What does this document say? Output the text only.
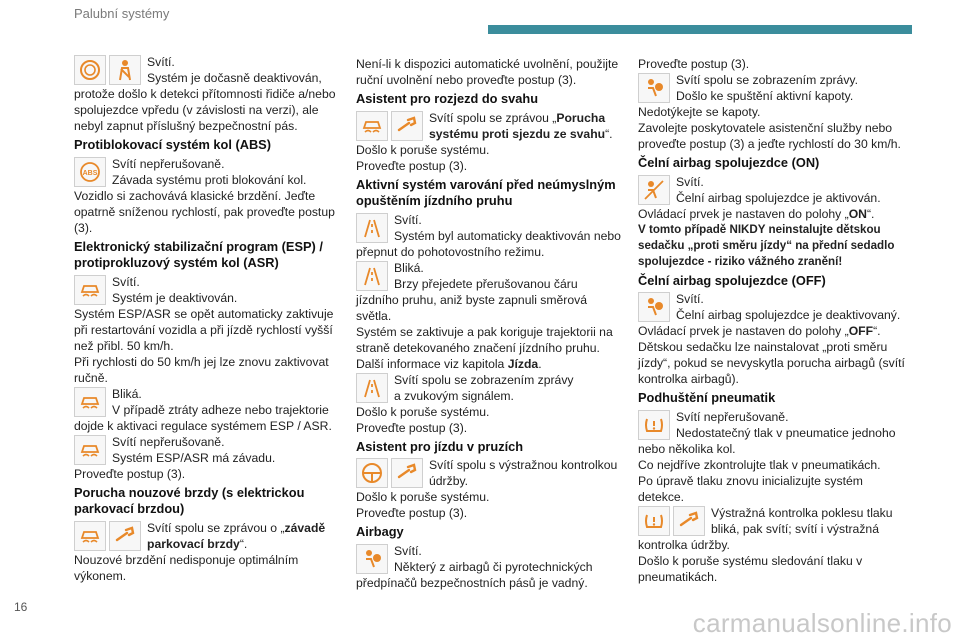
Palubní systémy

Svítí.

Systém je dočasně deaktivován,

protože došlo k detekci přítomnosti řidiče a/nebo spolujezdce vpředu (v závislosti na verzi), ale nebyl zapnut příslušný bezpečnostní pás.

Protiblokovací systém kol (ABS)

Svítí nepřerušovaně.

Závada systému proti blokování kol.

Vozidlo si zachovává klasické brzdění. Jeďte opatrně sníženou rychlostí, pak proveďte postup (3).

Elektronický stabilizační program (ESP) / protiprokluzový systém kol (ASR)

Svítí.

Systém je deaktivován.

Systém ESP/ASR se opět automaticky zaktivuje při restartování vozidla a při jízdě rychlostí vyšší než přibl. 50 km/h.

Při rychlosti do 50 km/h jej lze znovu zaktivovat ručně.

Bliká.

V případě ztráty adheze nebo trajektorie

dojde k aktivaci regulace systémem ESP / ASR.

Svítí nepřerušovaně.

Systém ESP/ASR má závadu.

Proveďte postup (3).

Porucha nouzové brzdy (s elektrickou parkovací brzdou)

Svítí spolu se zprávou o „závadě parkovací brzdy“.

Nouzové brzdění nedisponuje optimálním výkonem.

Není-li k dispozici automatické uvolnění, použijte ruční uvolnění nebo proveďte postup (3).

Asistent pro rozjezd do svahu

Svítí spolu se zprávou „Porucha systému proti sjezdu ze svahu“.

Došlo k poruše systému.

Proveďte postup (3).

Aktivní systém varování před neúmyslným opuštěním jízdního pruhu

Svítí.

Systém byl automaticky deaktivován nebo

přepnut do pohotovostního režimu.

Bliká.

Brzy přejedete přerušovanou čáru

jízdního pruhu, aniž byste zapnuli směrová světla.

Systém se zaktivuje a pak koriguje trajektorii na straně detekovaného značení jízdního pruhu.

Další informace viz kapitola Jízda.

Svítí spolu se zobrazením zprávy

a zvukovým signálem.

Došlo k poruše systému.

Proveďte postup (3).

Asistent pro jízdu v pruzích

Svítí spolu s výstražnou kontrolkou údržby.

Došlo k poruše systému.

Proveďte postup (3).

Airbagy

Svítí.

Některý z airbagů či pyrotechnických

předpínačů bezpečnostních pásů je vadný.

Proveďte postup (3).

Svítí spolu se zobrazením zprávy.

Došlo ke spuštění aktivní kapoty.

Nedotýkejte se kapoty.

Zavolejte poskytovatele asistenční služby nebo proveďte postup (3) a jeďte rychlostí do 30 km/h.

Čelní airbag spolujezdce (ON)

Svítí.

Čelní airbag spolujezdce je aktivován.

Ovládací prvek je nastaven do polohy „ON“.

V tomto případě NIKDY neinstalujte dětskou sedačku „proti směru jízdy“ na přední sedadlo spolujezdce - riziko vážného zranění!

Čelní airbag spolujezdce (OFF)

Svítí.

Čelní airbag spolujezdce je deaktivovaný.

Ovládací prvek je nastaven do polohy „OFF“.

Dětskou sedačku lze nainstalovat „proti směru jízdy“, pokud se nevyskytla porucha airbagů (svítí kontrolka airbagů).

Podhuštění pneumatik

Svítí nepřerušovaně.

Nedostatečný tlak v pneumatice jednoho

nebo několika kol.

Co nejdříve zkontrolujte tlak v pneumatikách.

Po úpravě tlaku znovu inicializujte systém detekce.

Výstražná kontrolka poklesu tlaku bliká, pak svítí; svítí i výstražná

kontrolka údržby.

Došlo k poruše systému sledování tlaku v pneumatikách.

16
carmanualsonline.info
